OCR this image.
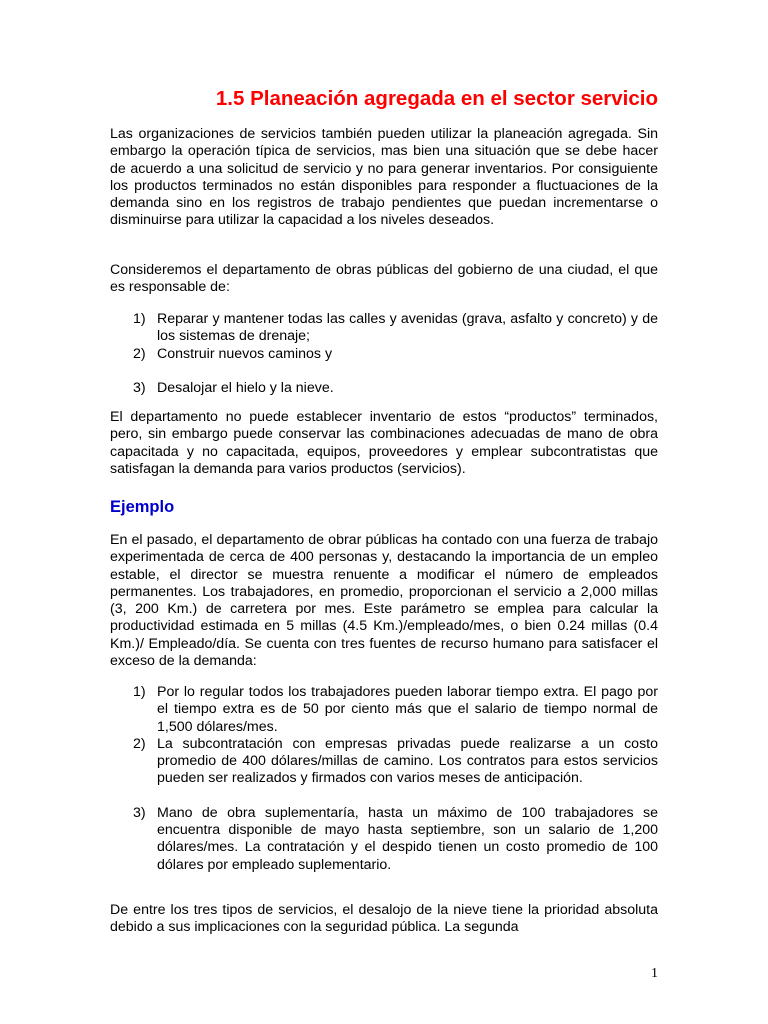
1.5 Planeación agregada en el sector servicio

Las organizaciones de servicios también pueden utilizar la planeación agregada. Sin embargo la operación típica de servicios, mas bien una situación que se debe hacer de acuerdo a una solicitud de servicio y no para generar inventarios. Por consiguiente los productos terminados no están disponibles para responder a fluctuaciones de la demanda sino en los registros de trabajo pendientes que puedan incrementarse o disminuirse para utilizar la capacidad a los niveles deseados.

Consideremos el departamento de obras públicas del gobierno de una ciudad, el que es responsable de:

1) Reparar y mantener todas las calles y avenidas (grava, asfalto y concreto) y de los sistemas de drenaje;
2) Construir nuevos caminos y
3) Desalojar el hielo y la nieve.

El departamento no puede establecer inventario de estos “productos” terminados, pero, sin embargo puede conservar las combinaciones adecuadas de mano de obra capacitada y no capacitada, equipos, proveedores y emplear subcontratistas que satisfagan la demanda para varios productos (servicios).

Ejemplo

En el pasado, el departamento de obrar públicas ha contado con una fuerza de trabajo experimentada de cerca de 400 personas y, destacando la importancia de un empleo estable, el director se muestra renuente a modificar el número de empleados permanentes. Los trabajadores, en promedio, proporcionan el servicio a 2,000 millas (3, 200 Km.) de carretera por mes. Este parámetro se emplea para calcular la productividad estimada en 5 millas (4.5 Km.)/empleado/mes, o bien 0.24 millas (0.4 Km.)/ Empleado/día. Se cuenta con tres fuentes de recurso humano para satisfacer el exceso de la demanda:

1) Por lo regular todos los trabajadores pueden laborar tiempo extra. El pago por el tiempo extra es de 50 por ciento más que el salario de tiempo normal de 1,500 dólares/mes.
2) La subcontratación con empresas privadas puede realizarse a un costo promedio de 400 dólares/millas de camino. Los contratos para estos servicios pueden ser realizados y firmados con varios meses de anticipación.
3) Mano de obra suplementaría, hasta un máximo de 100 trabajadores se encuentra disponible de mayo hasta septiembre, son un salario de 1,200 dólares/mes. La contratación y el despido tienen un costo promedio de 100 dólares por empleado suplementario.

De entre los tres tipos de servicios, el desalojo de la nieve tiene la prioridad absoluta debido a sus implicaciones con la seguridad pública. La segunda

1
